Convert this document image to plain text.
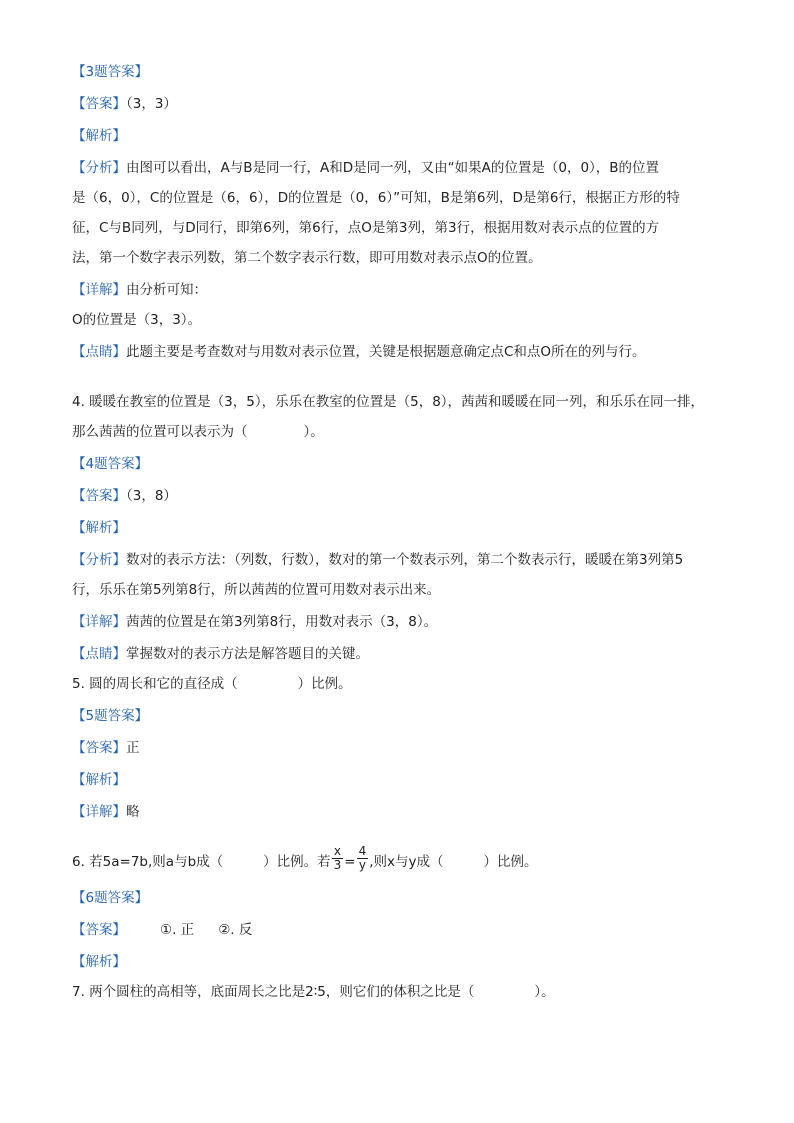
【3题答案】
【答案】（3，3）
【解析】
【分析】由图可以看出，A与B是同一行，A和D是同一列，又由“如果A的位置是（0，0），B的位置
是（6，0），C的位置是（6，6），D的位置是（0，6）”可知，B是第6列，D是第6行，根据正方形的特
征，C与B同列，与D同行，即第6列，第6行，点O是第3列，第3行，根据用数对表示点的位置的方
法，第一个数字表示列数，第二个数字表示行数，即可用数对表示点O的位置。
【详解】由分析可知：
O的位置是（3，3）。
【点睛】此题主要是考查数对与用数对表示位置，关键是根据题意确定点C和点O所在的列与行。
4. 暖暖在教室的位置是（3，5），乐乐在教室的位置是（5，8），茜茜和暖暖在同一列，和乐乐在同一排，
那么茜茜的位置可以表示为（	）。
【4题答案】
【答案】（3，8）
【解析】
【分析】数对的表示方法：（列数，行数），数对的第一个数表示列，第二个数表示行，暖暖在第3列第5
行，乐乐在第5列第8行，所以茜茜的位置可用数对表示出来。
【详解】茜茜的位置是在第3列第8行，用数对表示（3，8）。
【点睛】掌握数对的表示方法是解答题目的关键。
5. 圆的周长和它的直径成（	）比例。
【5题答案】
【答案】正
【解析】
【详解】略
6. 若5a=7b,则a与b成（	）比例。若 $\frac{x}{3} = \frac{4}{y}$ ,则x与y成（	）比例。
【6题答案】
【答案】	①. 正 ②. 反
【解析】
7. 两个圆柱的高相等，底面周长之比是2∶5，则它们的体积之比是（	）。
